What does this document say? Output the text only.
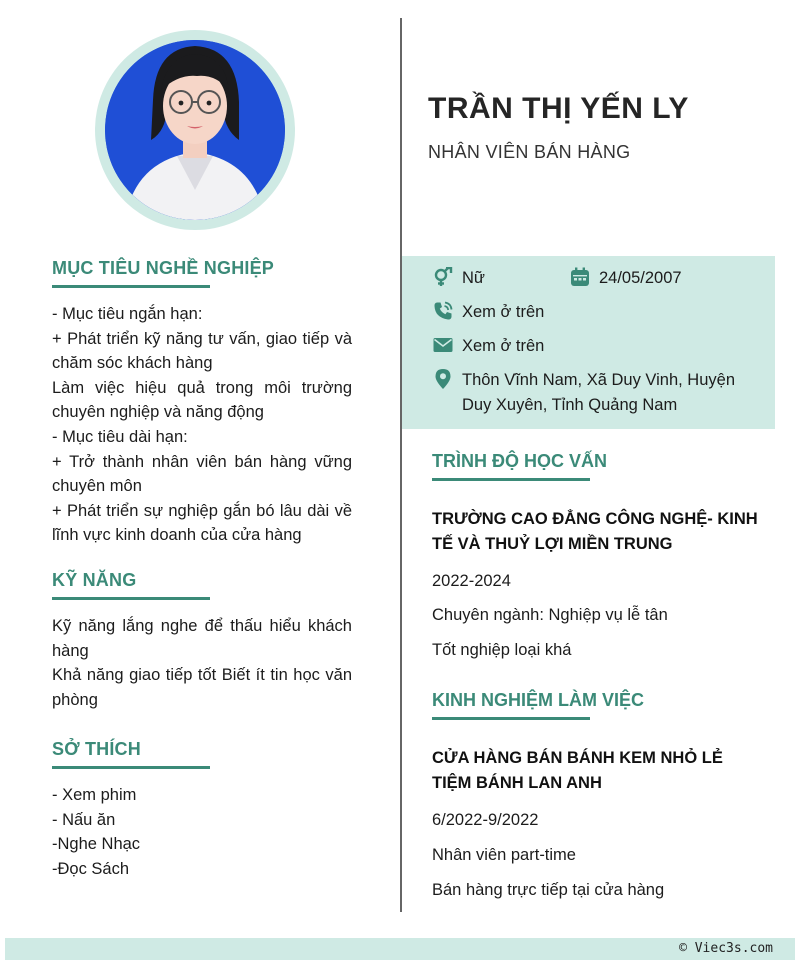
MỤC TIÊU NGHỀ NGHIỆP

- Mục tiêu ngắn hạn:

+ Phát triển kỹ năng tư vấn, giao tiếp và chăm sóc khách hàng

Làm việc hiệu quả trong môi trường chuyên nghiệp và năng động

- Mục tiêu dài hạn:

+ Trở thành nhân viên bán hàng vững chuyên môn

+ Phát triển sự nghiệp gắn bó lâu dài về lĩnh vực kinh doanh của cửa hàng

KỸ NĂNG

Kỹ năng lắng nghe để thấu hiểu khách hàng

Khả năng giao tiếp tốt Biết ít tin học văn phòng

SỞ THÍCH

- Xem phim

- Nấu ăn

-Nghe Nhạc

-Đọc Sách

TRẦN THỊ YẾN LY
NHÂN VIÊN BÁN HÀNG
Nữ	24/05/2007
Xem ở trên
Xem ở trên
Thôn Vĩnh Nam, Xã Duy Vinh, Huyện Duy Xuyên, Tỉnh Quảng Nam
TRÌNH ĐỘ HỌC VẤN
TRƯỜNG CAO ĐẲNG CÔNG NGHỆ- KINH TẾ VÀ THUỶ LỢI MIỀN TRUNG
2022-2024
Chuyên ngành: Nghiệp vụ lễ tân
Tốt nghiệp loại khá
KINH NGHIỆM LÀM VIỆC
CỬA HÀNG BÁN BÁNH KEM NHỎ LẺ TIỆM BÁNH LAN ANH
6/2022-9/2022
Nhân viên part-time
Bán hàng trực tiếp tại cửa hàng
© Viec3s.com
